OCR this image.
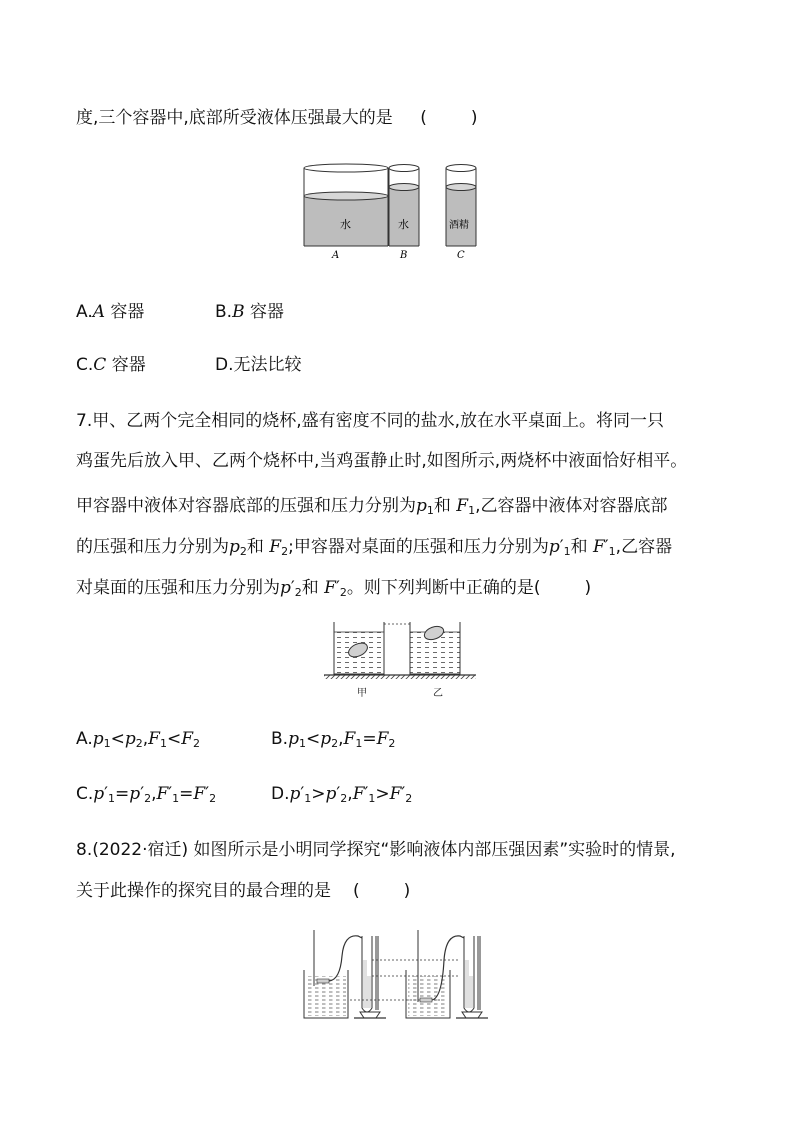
度,三个容器中,底部所受液体压强最大的是 (	)
水
A
水
B
酒精
C
A.A 容器	B.B 容器
C.C 容器	D.无法比较
7.甲、乙两个完全相同的烧杯,盛有密度不同的盐水,放在水平桌面上。将同一只
鸡蛋先后放入甲、乙两个烧杯中,当鸡蛋静止时,如图所示,两烧杯中液面恰好相平。
甲容器中液体对容器底部的压强和压力分别为$p_1$和 $F_1$,乙容器中液体对容器底部
的压强和压力分别为$p_2$和 $F_2$;甲容器对桌面的压强和压力分别为$p'_1$和 $F'_1$,乙容器
对桌面的压强和压力分别为$p'_2$和 $F'_2$。则下列判断中正确的是(	)
甲	乙
$A.p_1<p_2,F_1<F_2$	$B.p_1<p_2,F_1=F_2$
$C.p'_1=p'_2,F'_1=F'_2$	$D.p'_1>p'_2,F'_1>F'_2$
8.(2022·宿迁) 如图所示是小明同学探究“影响液体内部压强因素”实验时的情景,
关于此操作的探究目的最合理的是 (	)
